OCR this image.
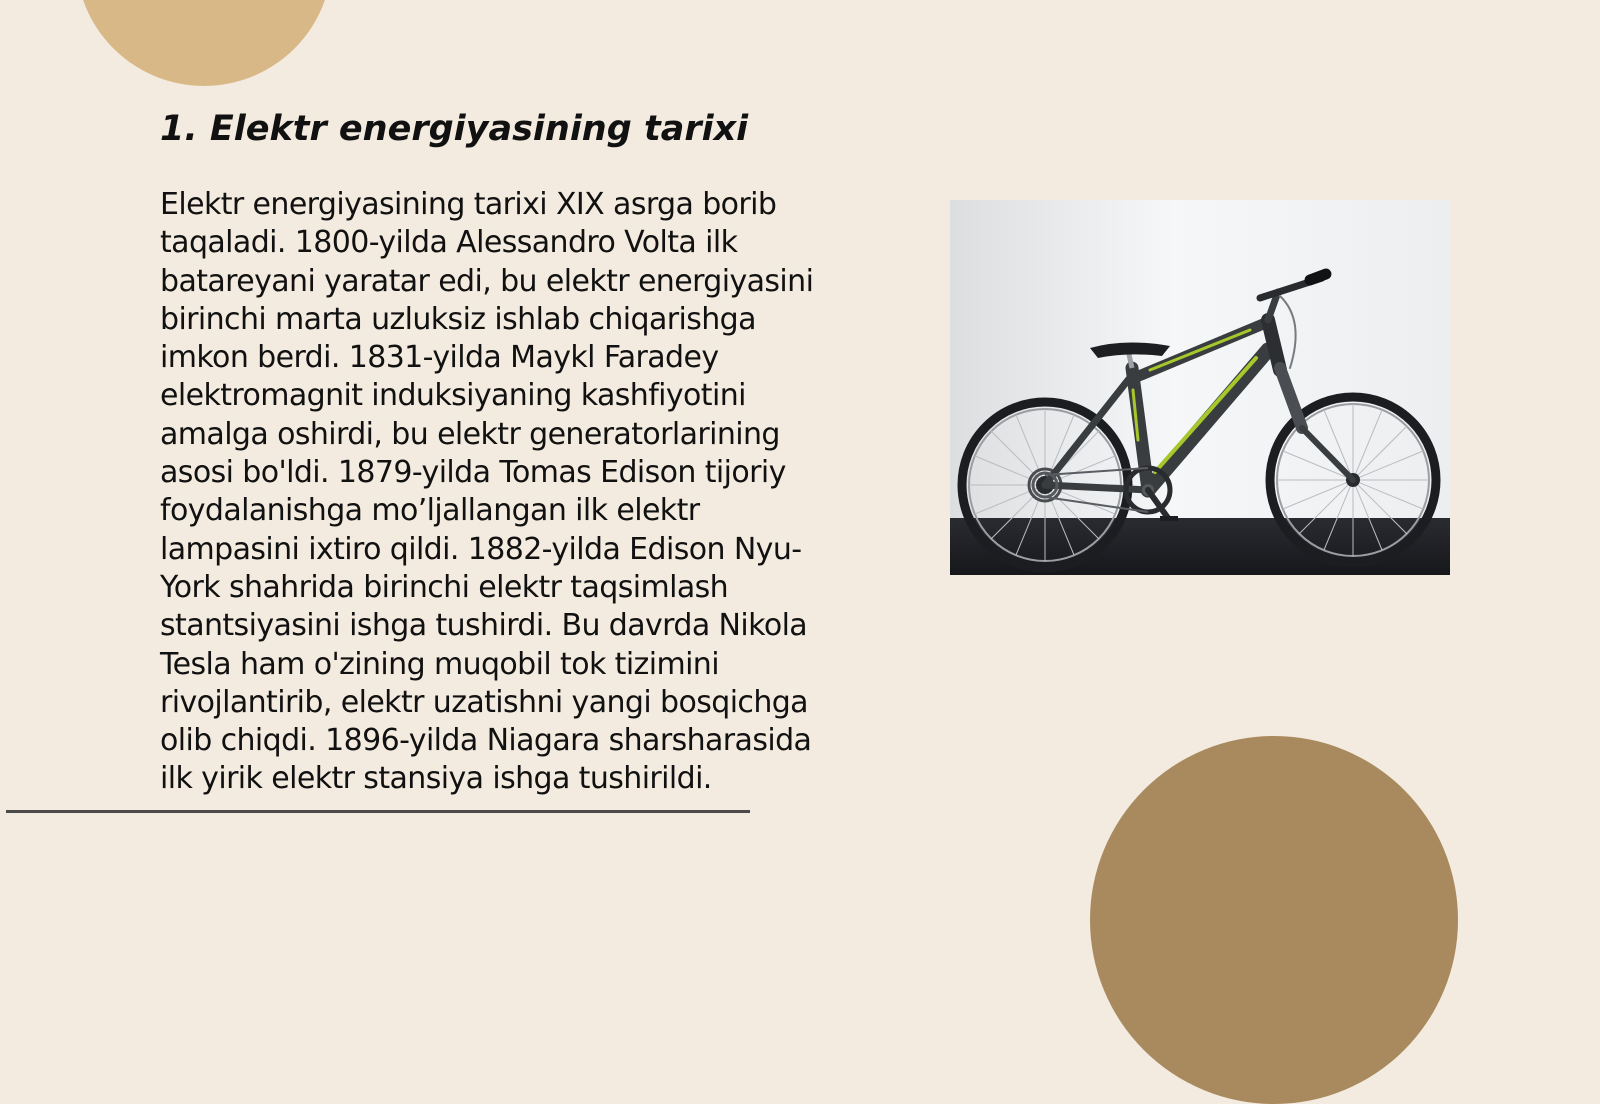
1. Elektr energiyasining tarixi

Elektr energiyasining tarixi XIX asrga borib taqaladi. 1800-yilda Alessandro Volta ilk batareyani yaratar edi, bu elektr energiyasini birinchi marta uzluksiz ishlab chiqarishga imkon berdi. 1831-yilda Maykl Faradey elektromagnit induksiyaning kashfiyotini amalga oshirdi, bu elektr generatorlarining asosi bo'ldi. 1879-yilda Tomas Edison tijoriy foydalanishga mo’ljallangan ilk elektr lampasini ixtiro qildi. 1882-yilda Edison Nyu-York shahrida birinchi elektr taqsimlash stantsiyasini ishga tushirdi. Bu davrda Nikola Tesla ham o'zining muqobil tok tizimini rivojlantirib, elektr uzatishni yangi bosqichga olib chiqdi. 1896-yilda Niagara sharsharasida ilk yirik elektr stansiya ishga tushirildi.
